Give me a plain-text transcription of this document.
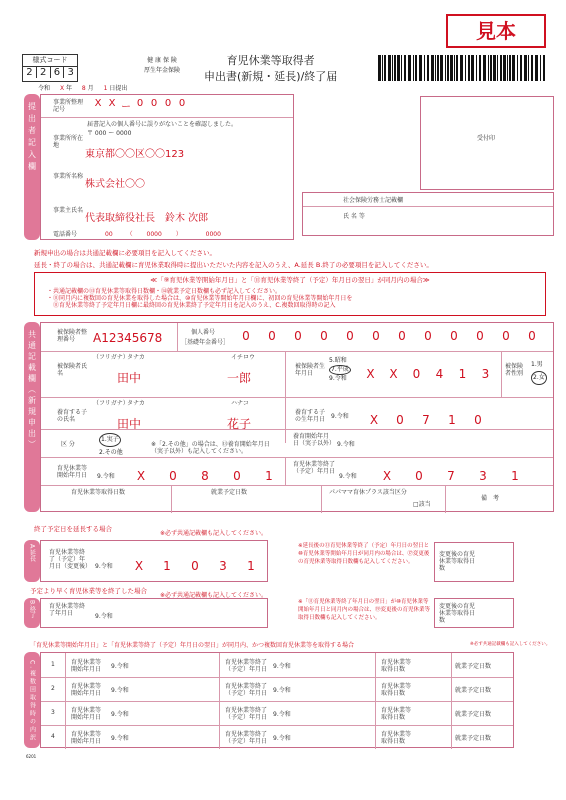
見本
様式コード
2 2 6 3
健 康 保 険
厚生年金保険
育児休業等取得者
申出書(新規・延長)/終了届
令和 X 年 8 月 1 日提出
提出者記入欄	事業所整理記号
X X ー 0 0 0 0
届書記入の個人番号に誤りがないことを確認しました。
〒 000 ー 0000
事業所所在地
東京都〇〇区〇〇123
事業所名称
株式会社〇〇
事業主氏名
代表取締役社長　鈴木 次郎
電話番号	00 （ 0000 ）	0000
受付印
社会保険労務士記載欄
氏 名 等
新規申出の場合は共通記載欄に必要項目を記入してください。
延長・終了の場合は、共通記載欄に育児休業取得時に提出いただいた内容を記入のうえ、A.延長 B.終了の必要項目を記入してください。
≪「⑨育児休業等開始年月日」と「⑪育児休業等終了（予定）年月日の翌日」が同月内の場合≫
・共通記載欄の⑬育児休業等取得日数欄・⑭就業予定日数欄も必ず記入してください。
・⑪同月内に複数回の育児休業を取得した場合は、⑩育児休業等開始年月日欄に、初回の育児休業等開始年月日を
　⑪育児休業等終了予定年月日欄に最終回の育児休業終了予定年月日を記入のうえ、C.複数回取得時の記入
共通記載欄（新規申出）	被保険者整理番号	A12345678	個人番号
［基礎年金番号］	0	0	0	0	0	0	0	0	0	0	0	0
被保険者氏名
（フリガナ）
タナカ	イチロウ
田中	一郎
被保険者生年月日
5.昭和
7.平成
9.令和	X	X	0	4	1	3
被保険者性別
1.男
2.女
養育する子の氏名
（フリガナ）
タナカ	ハナコ
田中	花子
養育する子の生年月日 9.令和	X	0	7	1	0
区 分
1.実子
2.その他
※「2.その他」の場合は、⑬養育開始年月日（実子以外）も記入してください。
養育開始年月日（実子以外） 9.令和
育児休業等開始年月日	9.令和	X	0	8	0	1
育児休業等終了（予定）年月日
9.令和	X	0	7	3	1
育児休業等取得日数	就業予定日数	パパママ育休プラス該当区分
□該当
備　考
終了予定日を延長する場合
※必ず共通記載欄も記入してください。
A.延長	育児休業等終了（予定）年月日（変更後） 9.令和	X	1	0	3	1
※延長後の⑪育児休業等終了（予定）年月日の翌日と⑩育児休業等開始年月日が同月内の場合は、⑰変更後の育児休業等取得日数欄も記入してください。
変更後の育児休業等取得日数
予定より早く育児休業等を終了した場合
※必ず共通記載欄も記入してください。
B.終了	育児休業等終了年月日	9.令和
※「⑪育児休業等終了年月日の翌日」が⑩育児休業等開始年月日と同月内の場合は、⑲変更後の育児休業等取得日数欄も記入してください。
変更後の育児休業等取得日数
「育児休業等開始年月日」と「育児休業等終了（予定）年月日の翌日」が同月内、かつ複数回育児休業等を取得する場合	※必ず共通記載欄も記入してください。
C.複数回取得時の内訳	1	育児休業等開始年月日	9.令和
育児休業等終了（予定）年月日 9.令和
育児休業等取得日数	就業予定日数
2	育児休業等開始年月日	9.令和
育児休業等終了（予定）年月日 9.令和
育児休業等取得日数	就業予定日数
3	育児休業等開始年月日	9.令和
育児休業等終了（予定）年月日 9.令和
育児休業等取得日数	就業予定日数
4	育児休業等開始年月日	9.令和
育児休業等終了（予定）年月日 9.令和
育児休業等取得日数	就業予定日数
6201
